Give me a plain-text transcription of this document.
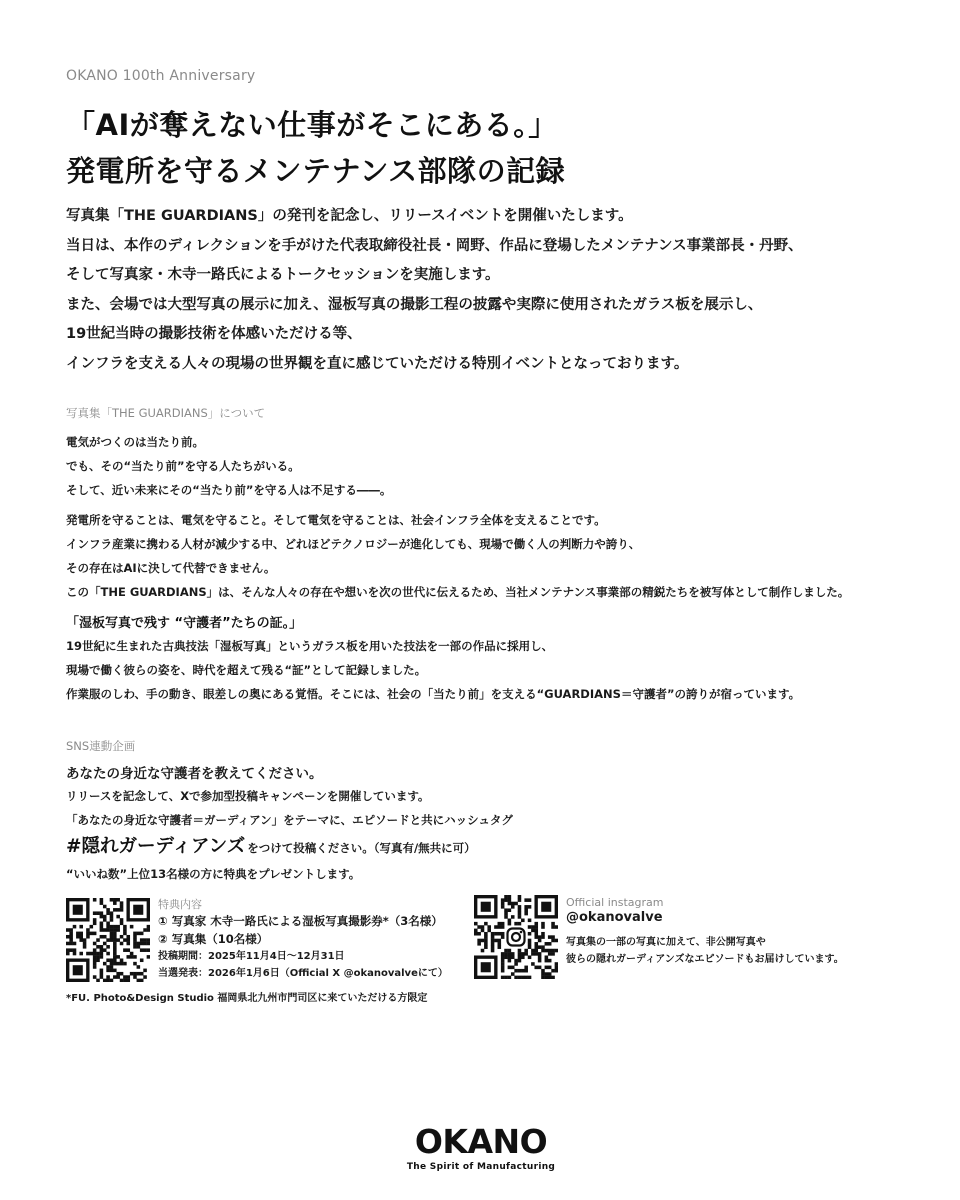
OKANO 100th Anniversary
「AIが奪えない仕事がそこにある。」
発電所を守るメンテナンス部隊の記録

写真集「THE GUARDIANS」の発刊を記念し、リリースイベントを開催いたします。

当日は、本作のディレクションを手がけた代表取締役社長・岡野、作品に登場したメンテナンス事業部長・丹野、

そして写真家・木寺一路氏によるトークセッションを実施します。

また、会場では大型写真の展示に加え、湿板写真の撮影工程の披露や実際に使用されたガラス板を展示し、

19世紀当時の撮影技術を体感いただける等、

インフラを支える人々の現場の世界観を直に感じていただける特別イベントとなっております。

写真集「THE GUARDIANS」について

電気がつくのは当たり前。

でも、その“当たり前”を守る人たちがいる。

そして、近い未来にその“当たり前”を守る人は不足する――。

発電所を守ることは、電気を守ること。そして電気を守ることは、社会インフラ全体を支えることです。

インフラ産業に携わる人材が減少する中、どれほどテクノロジーが進化しても、現場で働く人の判断力や誇り、

その存在はAIに決して代替できません。

この「THE GUARDIANS」は、そんな人々の存在や想いを次の世代に伝えるため、当社メンテナンス事業部の精鋭たちを被写体として制作しました。

「湿板写真で残す “守護者”たちの証。」

19世紀に生まれた古典技法「湿板写真」というガラス板を用いた技法を一部の作品に採用し、

現場で働く彼らの姿を、時代を超えて残る“証”として記録しました。

作業服のしわ、手の動き、眼差しの奥にある覚悟。そこには、社会の「当たり前」を支える“GUARDIANS＝守護者”の誇りが宿っています。

SNS連動企画
あなたの身近な守護者を教えてください。

リリースを記念して、Xで参加型投稿キャンペーンを開催しています。

「あなたの身近な守護者＝ガーディアン」をテーマに、エピソードと共にハッシュタグ

#隠れガーディアンズ をつけて投稿ください。（写真有/無共に可）

“いいね数”上位13名様の方に特典をプレゼントします。

特典内容

① 写真家 木寺一路氏による湿板写真撮影券*（3名様）

② 写真集（10名様）

投稿期間：2025年11月4日～12月31日

当選発表：2026年1月6日（Official X @okanovalveにて）

*FU. Photo&Design Studio 福岡県北九州市門司区に来ていただける方限定
Official instagram
@okanovalve

写真集の一部の写真に加えて、非公開写真や

彼らの隠れガーディアンズなエピソードもお届けしています。

OKANO
The Spirit of Manufacturing
